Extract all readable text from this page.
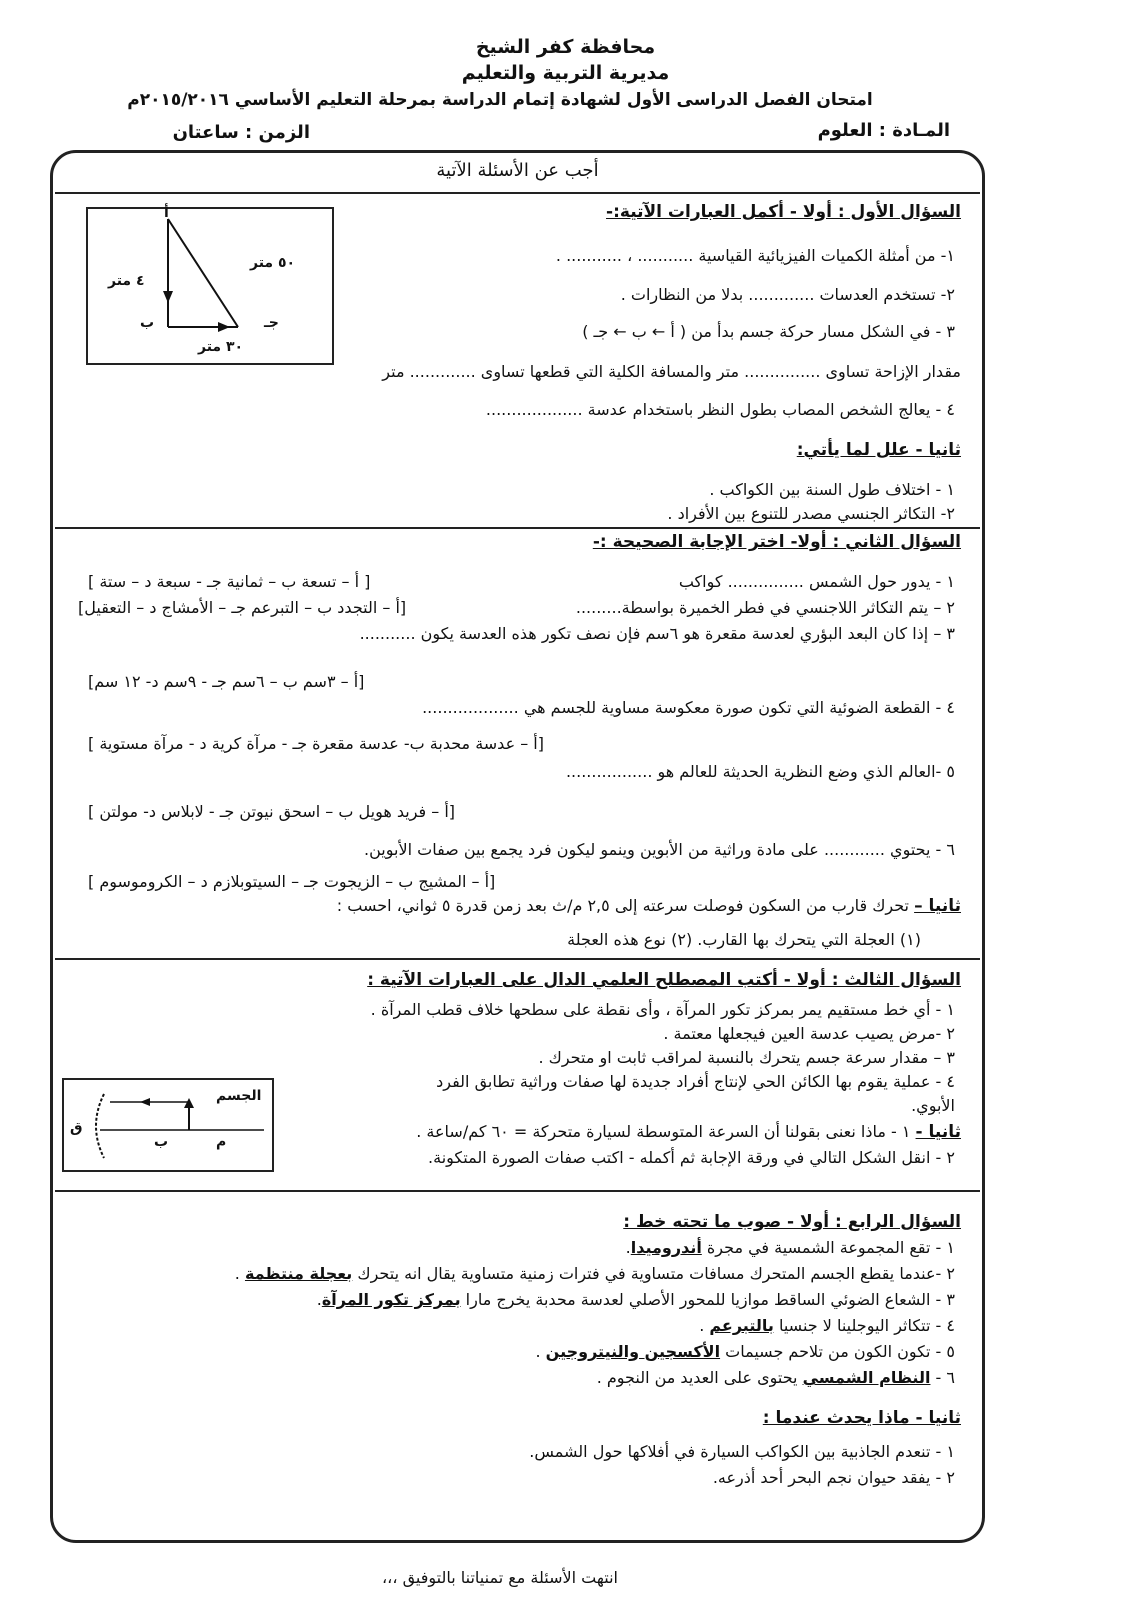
محافظة كفر الشيخ
مديرية التربية والتعليم
امتحان الفصل الدراسى الأول لشهادة إتمام الدراسة بمرحلة التعليم الأساسي ٢٠١٥/٢٠١٦م
المـادة : العلوم
الزمن : ساعتان
أجب عن الأسئلة الآتية
أ
ب	جـ
٤ متر
٣٠ متر
٥٠ متر
السؤال الأول : أولا - أكمل العبارات الآتية:-
١- من أمثلة الكميات الفيزيائية القياسية ........... ، ........... .
٢- تستخدم العدسات ............. بدلا من النظارات .
٣ - في الشكل مسار حركة جسم بدأ من ( أ ← ب ← جـ )
مقدار الإزاحة تساوى ............... متر والمسافة الكلية التي قطعها تساوى ............. متر
٤ - يعالج الشخص المصاب بطول النظر باستخدام عدسة ...................
ثانيا - علل لما يأتي:
١ - اختلاف طول السنة بين الكواكب .
٢- التكاثر الجنسي مصدر للتنوع بين الأفراد .
السؤال الثاني : أولا- اختر الإجابة الصحيحة :-
١ - يدور حول الشمس ............... كواكب
[ أ – تسعة ب – ثمانية جـ - سبعة د – ستة ]
٢ – يتم التكاثر اللاجنسي في فطر الخميرة بواسطة.........
[أ – التجدد ب – التبرعم جـ – الأمشاج د – التعقيل]
٣ – إذا كان البعد البؤري لعدسة مقعرة هو ٦سم فإن نصف تكور هذه العدسة يكون ...........
[أ – ٣سم ب – ٦سم جـ - ٩سم د- ١٢ سم]
٤ - القطعة الضوئية التي تكون صورة معكوسة مساوية للجسم هي ...................
[أ – عدسة محدبة ب- عدسة مقعرة جـ - مرآة كرية د - مرآة مستوية ]
٥ -العالم الذي وضع النظرية الحديثة للعالم هو .................
[أ – فريد هويل ب – اسحق نيوتن جـ - لابلاس د- مولتن ]
٦ - يحتوي ............ على مادة وراثية من الأبوين وينمو ليكون فرد يجمع بين صفات الأبوين.
[أ – المشيج ب – الزيجوت جـ – السيتوبلازم د – الكروموسوم ]
ثانيا – تحرك قارب من السكون فوصلت سرعته إلى ٢,٥ م/ث بعد زمن قدرة ٥ ثواني، احسب :
(١) العجلة التي يتحرك بها القارب. (٢) نوع هذه العجلة
الجسم
ق
ب	م
السؤال الثالث : أولا - أكتب المصطلح العلمي الدال على العبارات الآتية :
١ - أي خط مستقيم يمر بمركز تكور المرآة ، وأى نقطة على سطحها خلاف قطب المرآة .
٢ -مرض يصيب عدسة العين فيجعلها معتمة .
٣ – مقدار سرعة جسم يتحرك بالنسبة لمراقب ثابت او متحرك .
٤ - عملية يقوم بها الكائن الحي لإنتاج أفراد جديدة لها صفات وراثية تطابق الفرد
الأبوي.
ثانيا - ١ - ماذا نعنى بقولنا أن السرعة المتوسطة لسيارة متحركة = ٦٠ كم/ساعة .
٢ - انقل الشكل التالي في ورقة الإجابة ثم أكمله - اكتب صفات الصورة المتكونة.
السؤال الرابع : أولا - صوب ما تحته خط :
١ - تقع المجموعة الشمسية في مجرة أندروميدا.
٢ -عندما يقطع الجسم المتحرك مسافات متساوية في فترات زمنية متساوية يقال انه يتحرك بعجلة منتظمة .
٣ - الشعاع الضوئي الساقط موازيا للمحور الأصلي لعدسة محدبة يخرج مارا بمركز تكور المرآة.
٤ - تتكاثر اليوجلينا لا جنسيا بالتبرعم .
٥ - تكون الكون من تلاحم جسيمات الأكسجين والنيتروجين .
٦ - النظام الشمسي يحتوى على العديد من النجوم .
ثانيا - ماذا يحدث عندما :
١ - تنعدم الجاذبية بين الكواكب السيارة في أفلاكها حول الشمس.
٢ - يفقد حيوان نجم البحر أحد أذرعه.
انتهت الأسئلة مع تمنياتنا بالتوفيق ،،،
